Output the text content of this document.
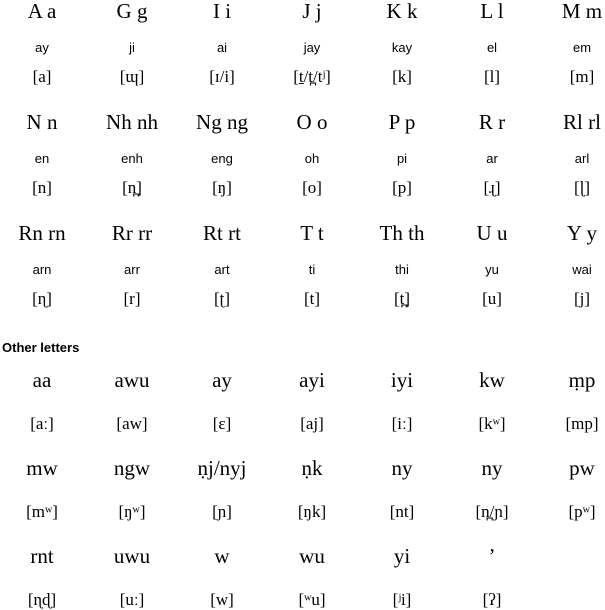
A a	G g	I i	J j	K k	L l	M m
ay	ji	ai	jay	kay	el	em
[a]	[ɰ]	[ɪ/i]	[t̠/t̪/tʲ]	[k]	[l]	[m]
N n	Nh nh	Ng ng	O o	P p	R r	Rl rl
en	enh	eng	oh	pi	ar	arl
[n]	[n̪]	[ŋ]	[o]	[p]	[ɻ]	[ɭ]
Rn rn	Rr rr	Rt rt	T t	Th th	U u	Y y
arn	arr	art	ti	thi	yu	wai
[ɳ]	[r]	[ʈ]	[t]	[t̪]	[u]	[j]
Other letters
aa	awu	ay	ayi	iyi	kw	ṃp
[aː]	[aw]	[ɛ]	[aj]	[iː]	[kʷ]	[mp]
mw	ngw	ṇj/nyj	ṇk	ny	ny	pw
[mʷ]	[ŋʷ]	[ɲ]	[ŋk]	[nt]	[n̪/ɲ]	[pʷ]
rnt	uwu	w	wu	yi	’
[ɳɖ]	[uː]	[w]	[ʷu]	[ʲi]	[ʔ]
